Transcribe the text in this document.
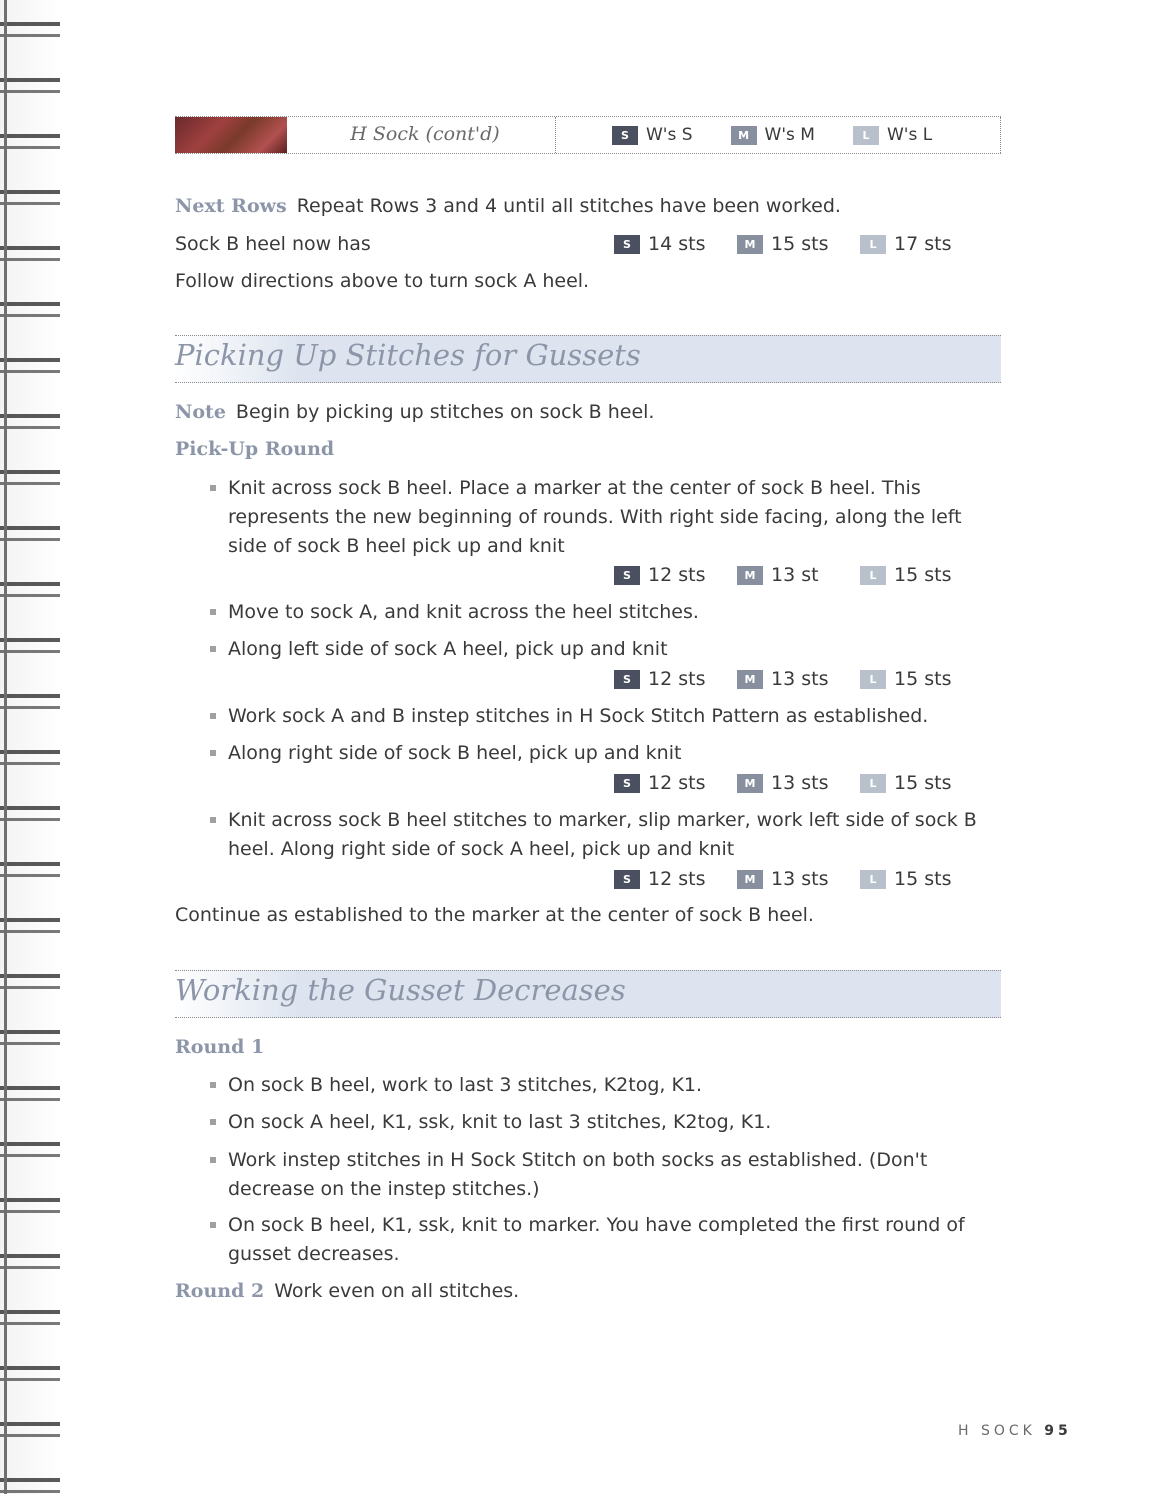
H Sock (cont'd)	S	W's S	M W's M	L	W's L
Next Rows Repeat Rows 3 and 4 until all stitches have been worked.
Sock B heel now has	S 14 sts	M 15 sts	L 17 sts
Follow directions above to turn sock A heel.
Picking Up Stitches for Gussets
Note Begin by picking up stitches on sock B heel.
Pick-Up Round
Knit across sock B heel. Place a marker at the center of sock B heel. This represents the new beginning of rounds. With right side facing, along the left side of sock B heel pick up and knit
S 12 sts	M 13 st	L 15 sts
Move to sock A, and knit across the heel stitches.
Along left side of sock A heel, pick up and knit
S 12 sts	M 13 sts	L 15 sts
Work sock A and B instep stitches in H Sock Stitch Pattern as established.
Along right side of sock B heel, pick up and knit
S 12 sts	M 13 sts	L 15 sts
Knit across sock B heel stitches to marker, slip marker, work left side of sock B heel. Along right side of sock A heel, pick up and knit
S 12 sts	M 13 sts	L 15 sts
Continue as established to the marker at the center of sock B heel.
Working the Gusset Decreases
Round 1
On sock B heel, work to last 3 stitches, K2tog, K1.
On sock A heel, K1, ssk, knit to last 3 stitches, K2tog, K1.
Work instep stitches in H Sock Stitch on both socks as established. (Don't decrease on the instep stitches.)
On sock B heel, K1, ssk, knit to marker. You have completed the first round of gusset decreases.
Round 2 Work even on all stitches.
H SOCK 95
